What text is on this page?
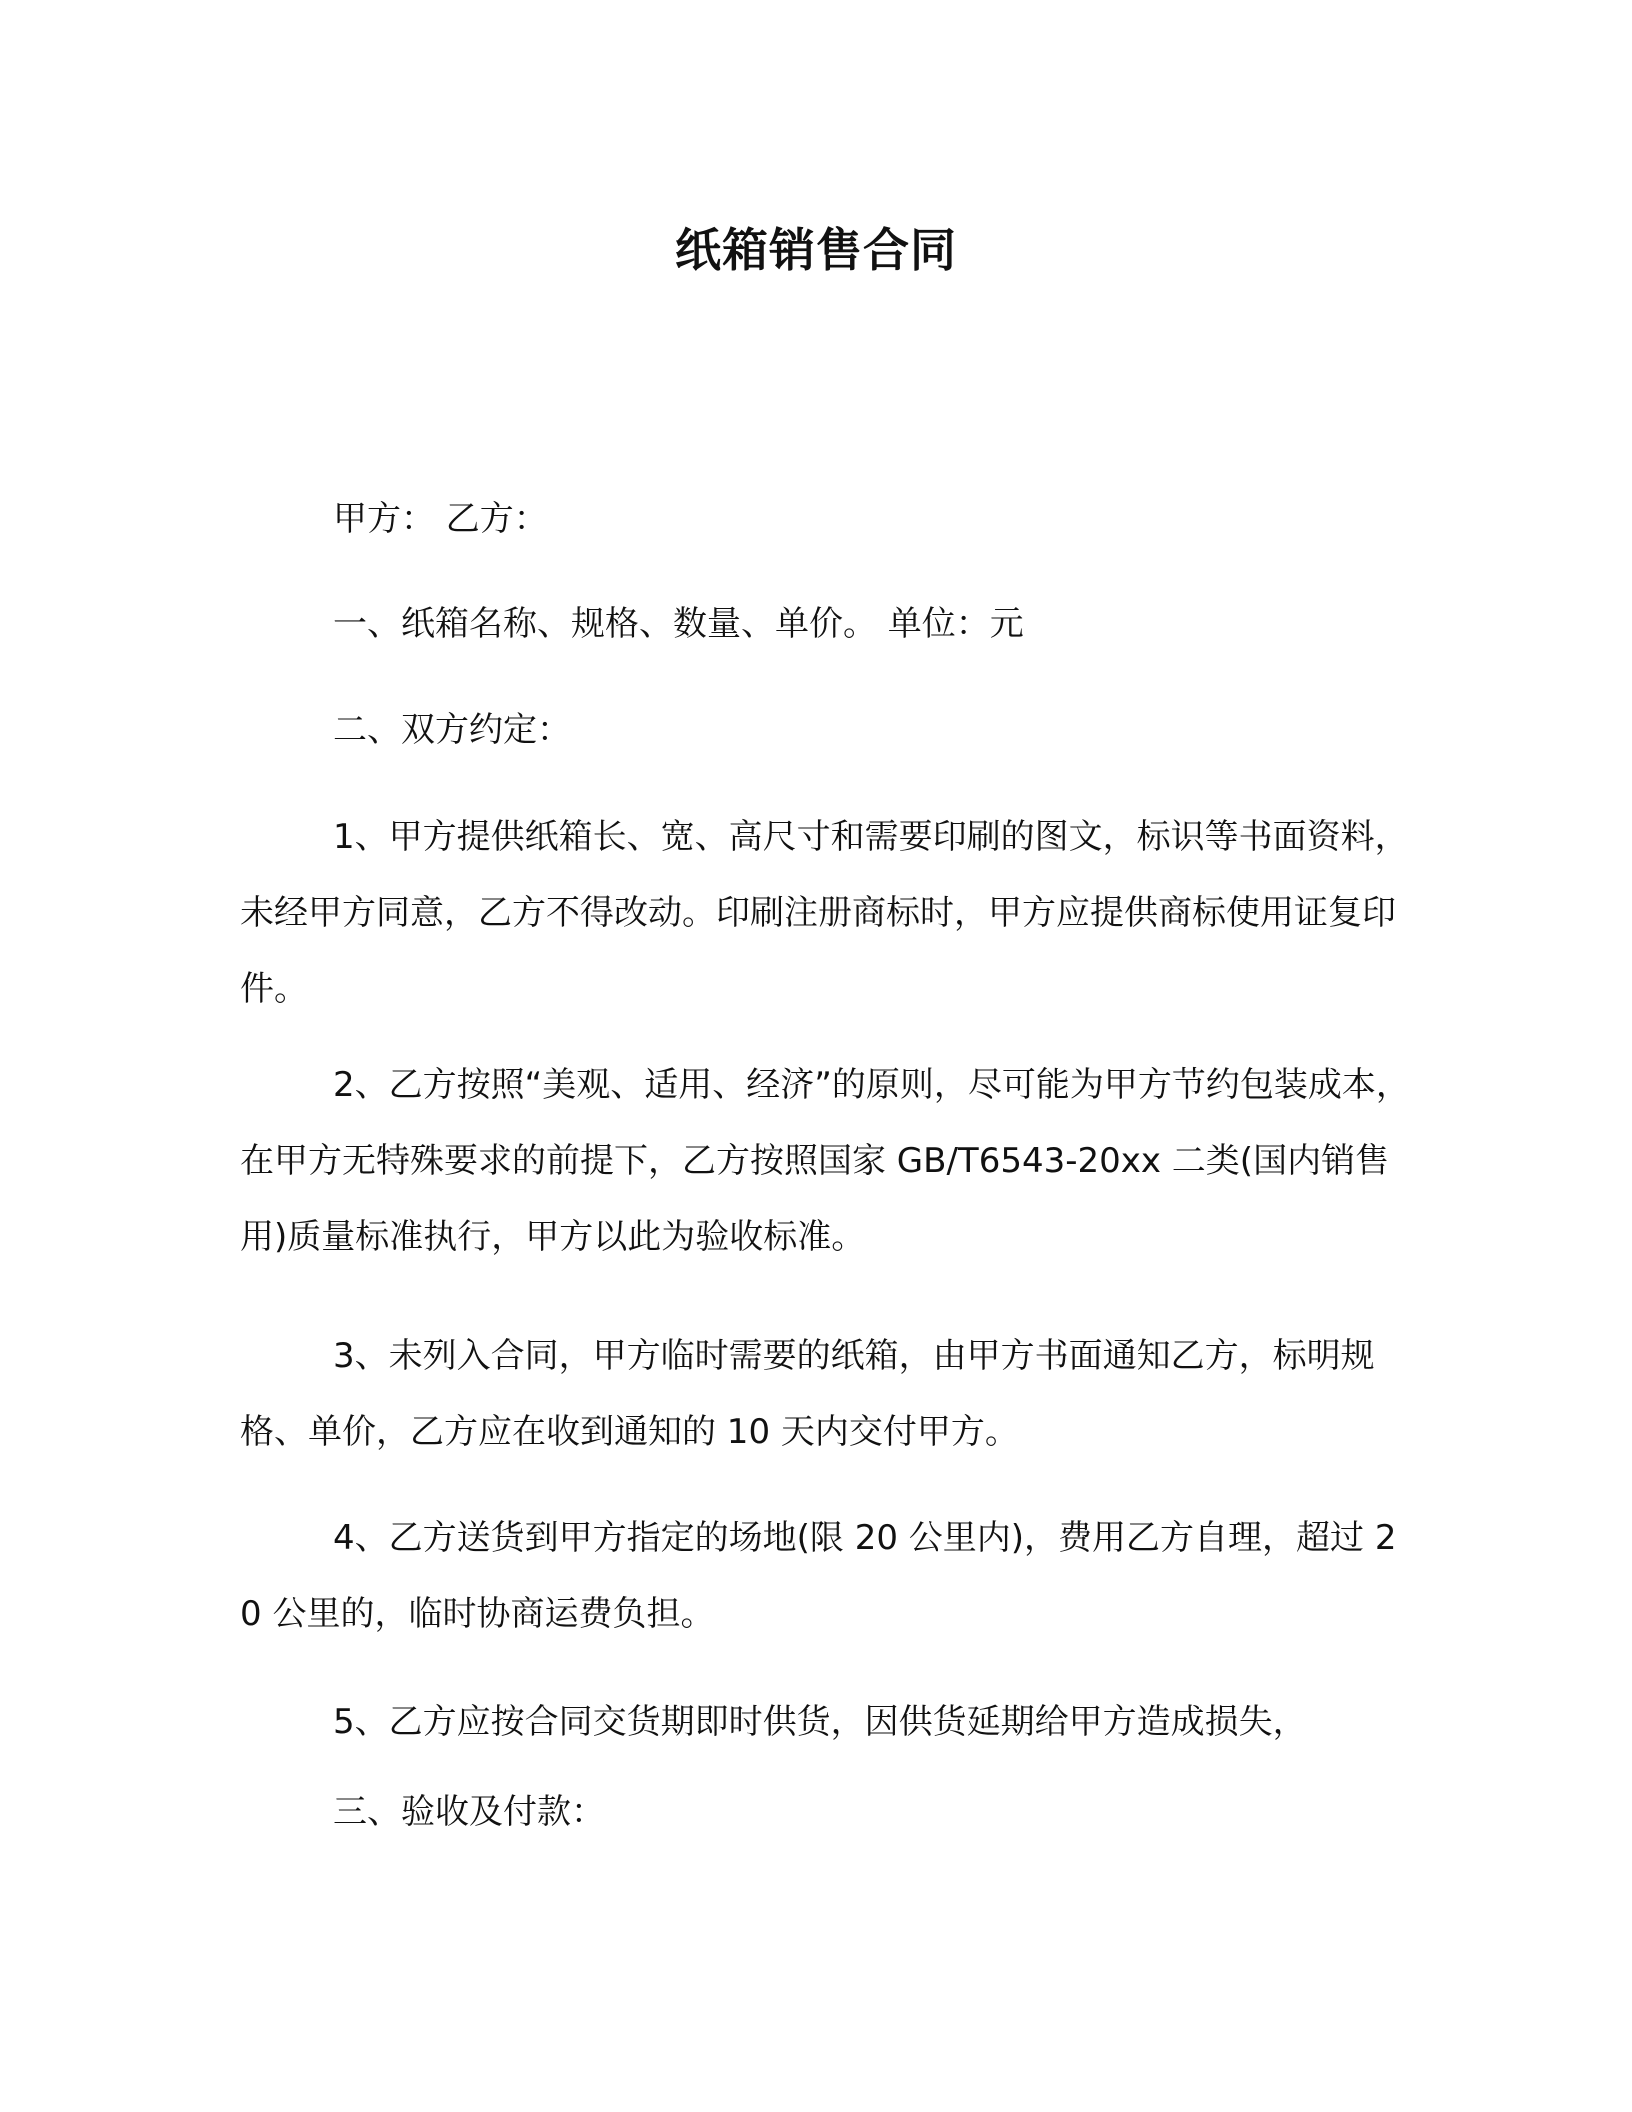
纸箱销售合同

甲方： 乙方：

一、纸箱名称、规格、数量、单价。 单位：元

二、双方约定：

1、甲方提供纸箱长、宽、高尺寸和需要印刷的图文，标识等书面资料，未经甲方同意，乙方不得改动。印刷注册商标时，甲方应提供商标使用证复印件。

2、乙方按照“美观、适用、经济”的原则，尽可能为甲方节约包装成本，在甲方无特殊要求的前提下，乙方按照国家 GB/T6543-20xx 二类(国内销售用)质量标准执行，甲方以此为验收标准。

3、未列入合同，甲方临时需要的纸箱，由甲方书面通知乙方，标明规格、单价，乙方应在收到通知的 10 天内交付甲方。

4、乙方送货到甲方指定的场地(限 20 公里内)，费用乙方自理，超过 20 公里的，临时协商运费负担。

5、乙方应按合同交货期即时供货，因供货延期给甲方造成损失，

三、验收及付款：
